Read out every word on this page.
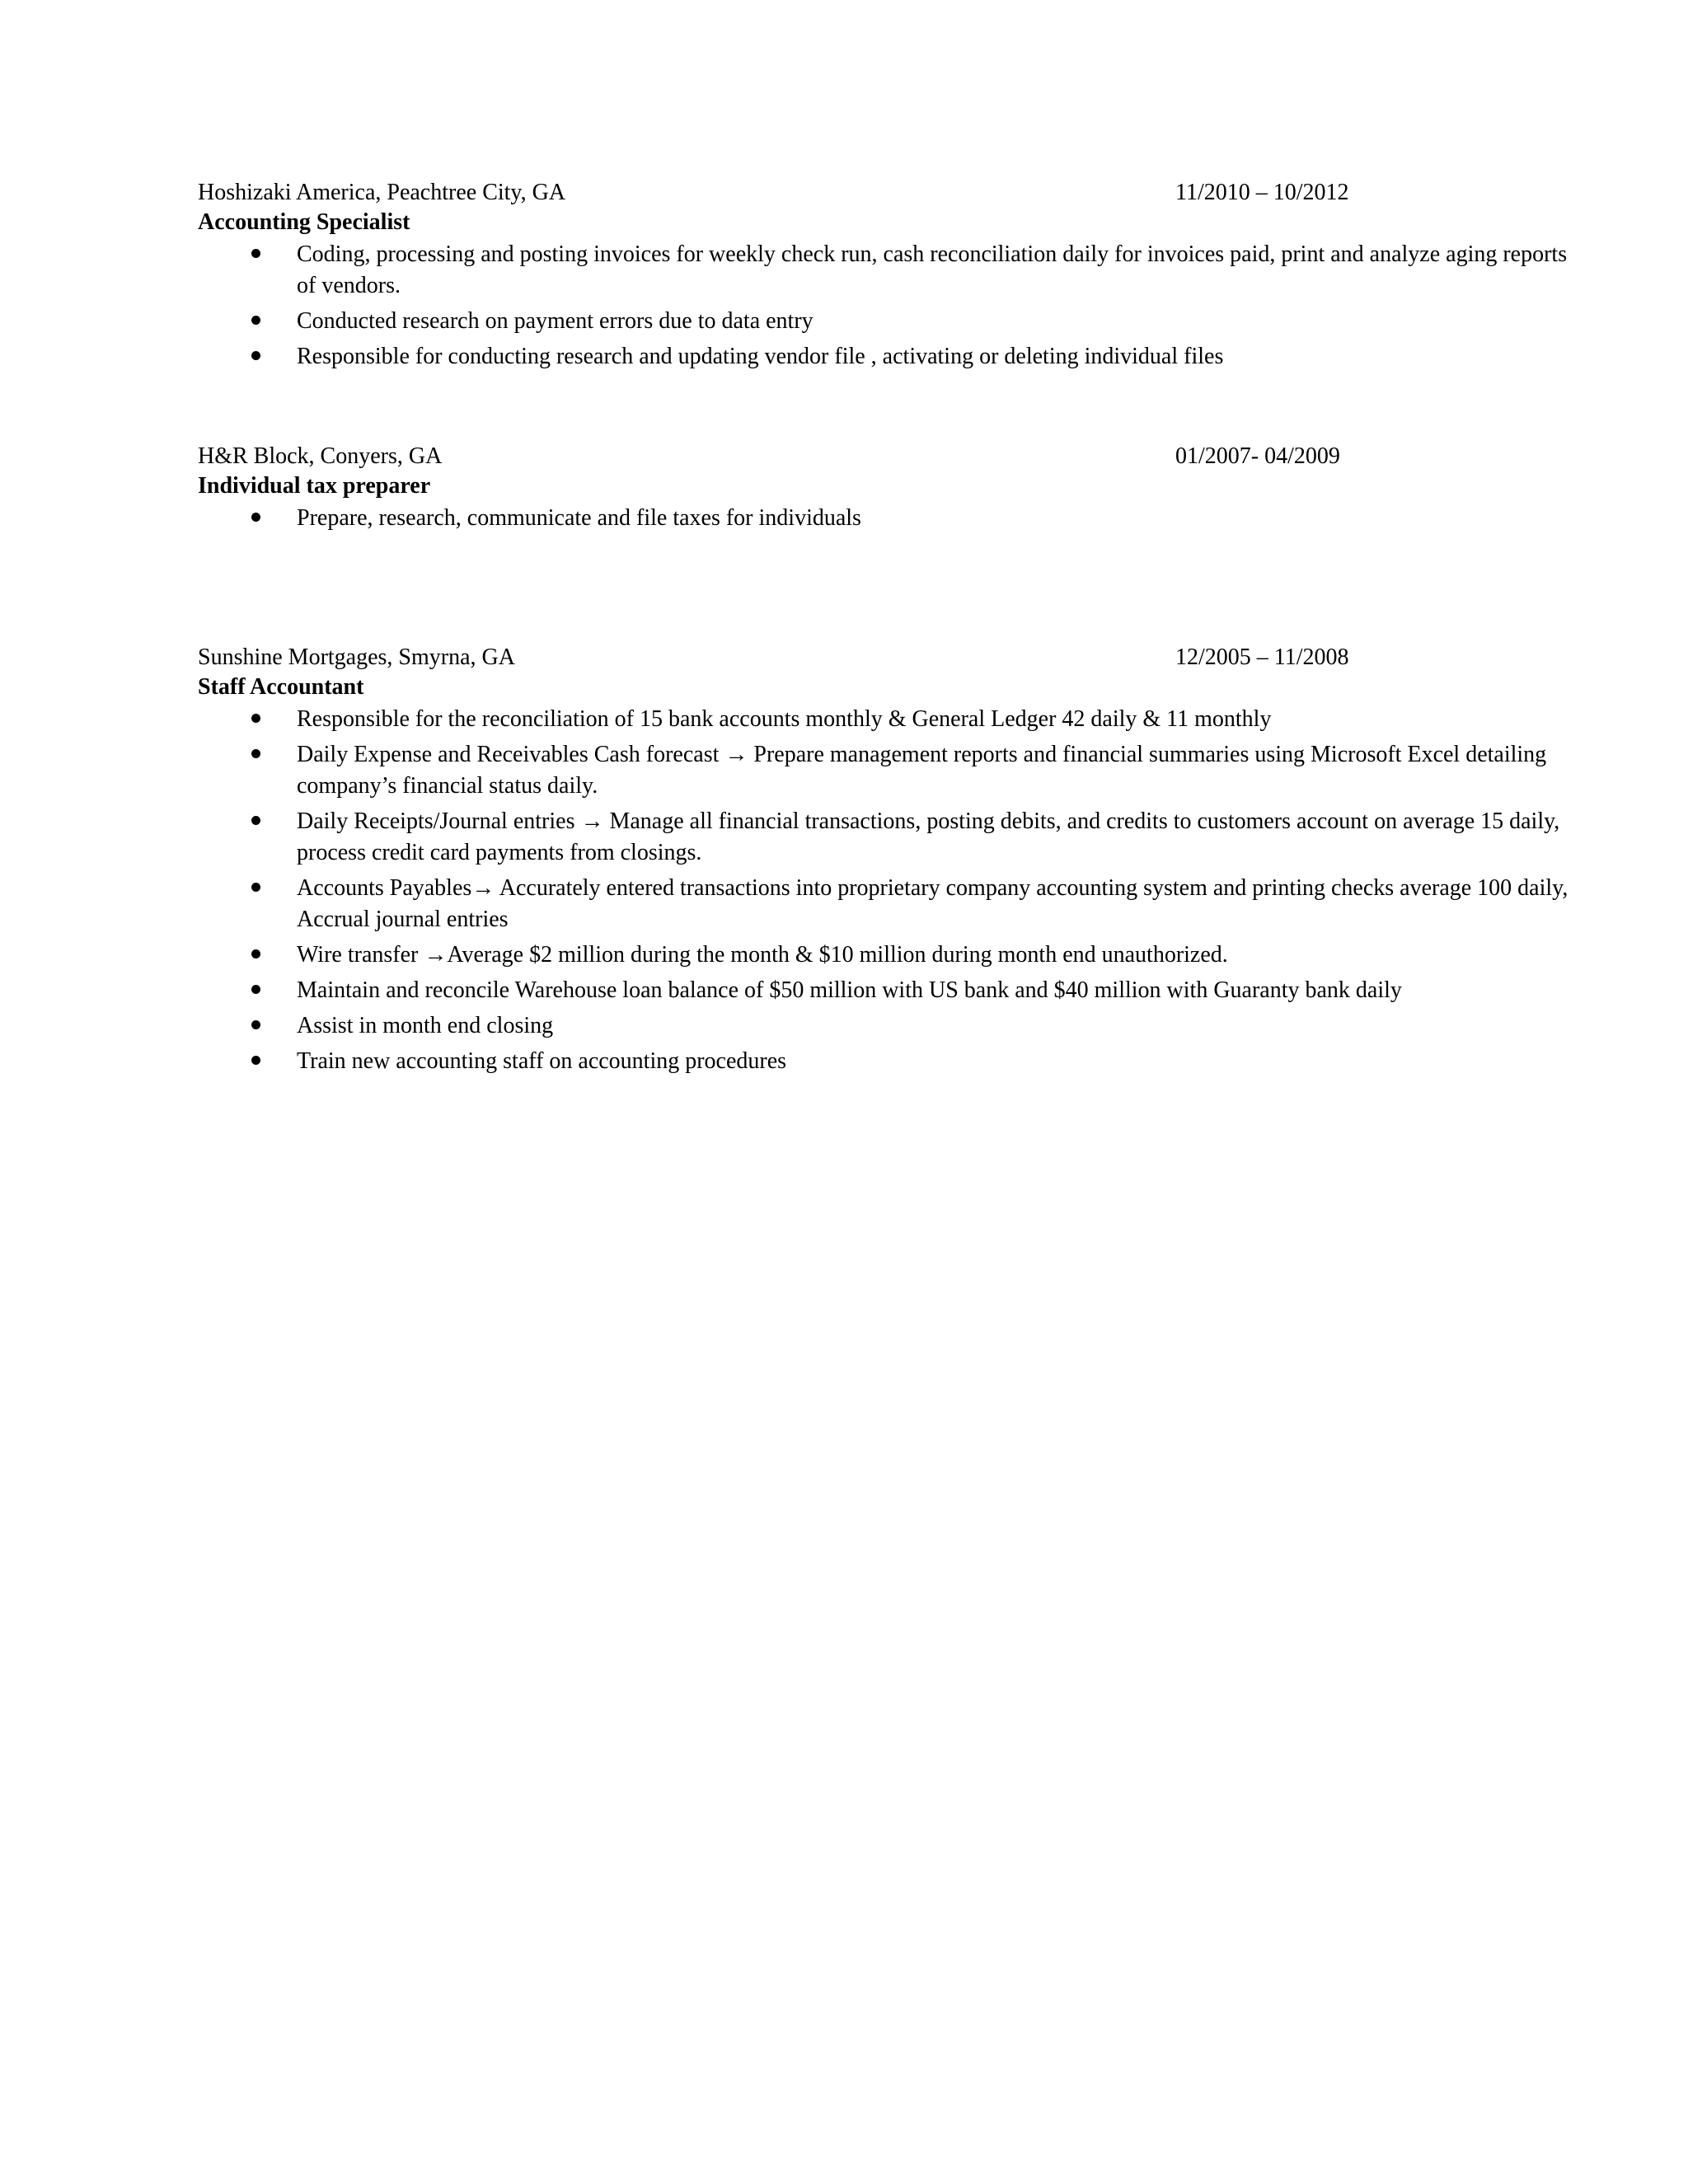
Hoshizaki America, Peachtree City, GA	11/2010 – 10/2012
Accounting Specialist
Coding, processing and posting invoices for weekly check run, cash reconciliation daily for invoices paid, print and analyze aging reports of vendors.
Conducted research on payment errors due to data entry
Responsible for conducting research and updating vendor file , activating or deleting individual files
H&R Block, Conyers, GA	01/2007- 04/2009
Individual tax preparer
Prepare, research, communicate and file taxes for individuals
Sunshine Mortgages, Smyrna, GA	12/2005 – 11/2008
Staff Accountant
Responsible for the reconciliation of 15 bank accounts monthly & General Ledger 42 daily & 11 monthly
Daily Expense and Receivables Cash forecast → Prepare management reports and financial summaries using Microsoft Excel detailing company’s financial status daily.
Daily Receipts/Journal entries → Manage all financial transactions, posting debits, and credits to customers account on average 15 daily, process credit card payments from closings.
Accounts Payables→ Accurately entered transactions into proprietary company accounting system and printing checks average 100 daily, Accrual journal entries
Wire transfer →Average $2 million during the month & $10 million during month end unauthorized.
Maintain and reconcile Warehouse loan balance of $50 million with US bank and $40 million with Guaranty bank daily
Assist in month end closing
Train new accounting staff on accounting procedures
